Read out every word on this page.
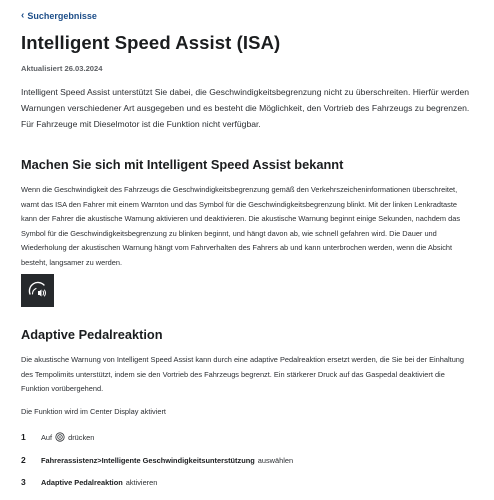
‹ Suchergebnisse
Intelligent Speed Assist (ISA)
Aktualisiert 26.03.2024

Intelligent Speed Assist unterstützt Sie dabei, die Geschwindigkeitsbegrenzung nicht zu überschreiten. Hierfür werden Warnungen verschiedener Art ausgegeben und es besteht die Möglichkeit, den Vortrieb des Fahrzeugs zu begrenzen.

Für Fahrzeuge mit Dieselmotor ist die Funktion nicht verfügbar.

Machen Sie sich mit Intelligent Speed Assist bekannt

Wenn die Geschwindigkeit des Fahrzeugs die Geschwindigkeitsbegrenzung gemäß den Verkehrszeicheninformationen überschreitet, warnt das ISA den Fahrer mit einem Warnton und das Symbol für die Geschwindigkeitsbegrenzung blinkt. Mit der linken Lenkradtaste kann der Fahrer die akustische Warnung aktivieren und deaktivieren. Die akustische Warnung beginnt einige Sekunden, nachdem das Symbol für die Geschwindigkeitsbegrenzung zu blinken beginnt, und hängt davon ab, wie schnell gefahren wird. Die Dauer und Wiederholung der akustischen Warnung hängt vom Fahrverhalten des Fahrers ab und kann unterbrochen werden, wenn die Absicht besteht, langsamer zu werden.

Adaptive Pedalreaktion

Die akustische Warnung von Intelligent Speed Assist kann durch eine adaptive Pedalreaktion ersetzt werden, die Sie bei der Einhaltung des Tempolimits unterstützt, indem sie den Vortrieb des Fahrzeugs begrenzt. Ein stärkerer Druck auf das Gaspedal deaktiviert die Funktion vorübergehend.

Die Funktion wird im Center Display aktiviert
1	Auf drücken
2	Fahrerassistenz>Intelligente Geschwindigkeitsunterstützung auswählen
3	Adaptive Pedalreaktion aktivieren
